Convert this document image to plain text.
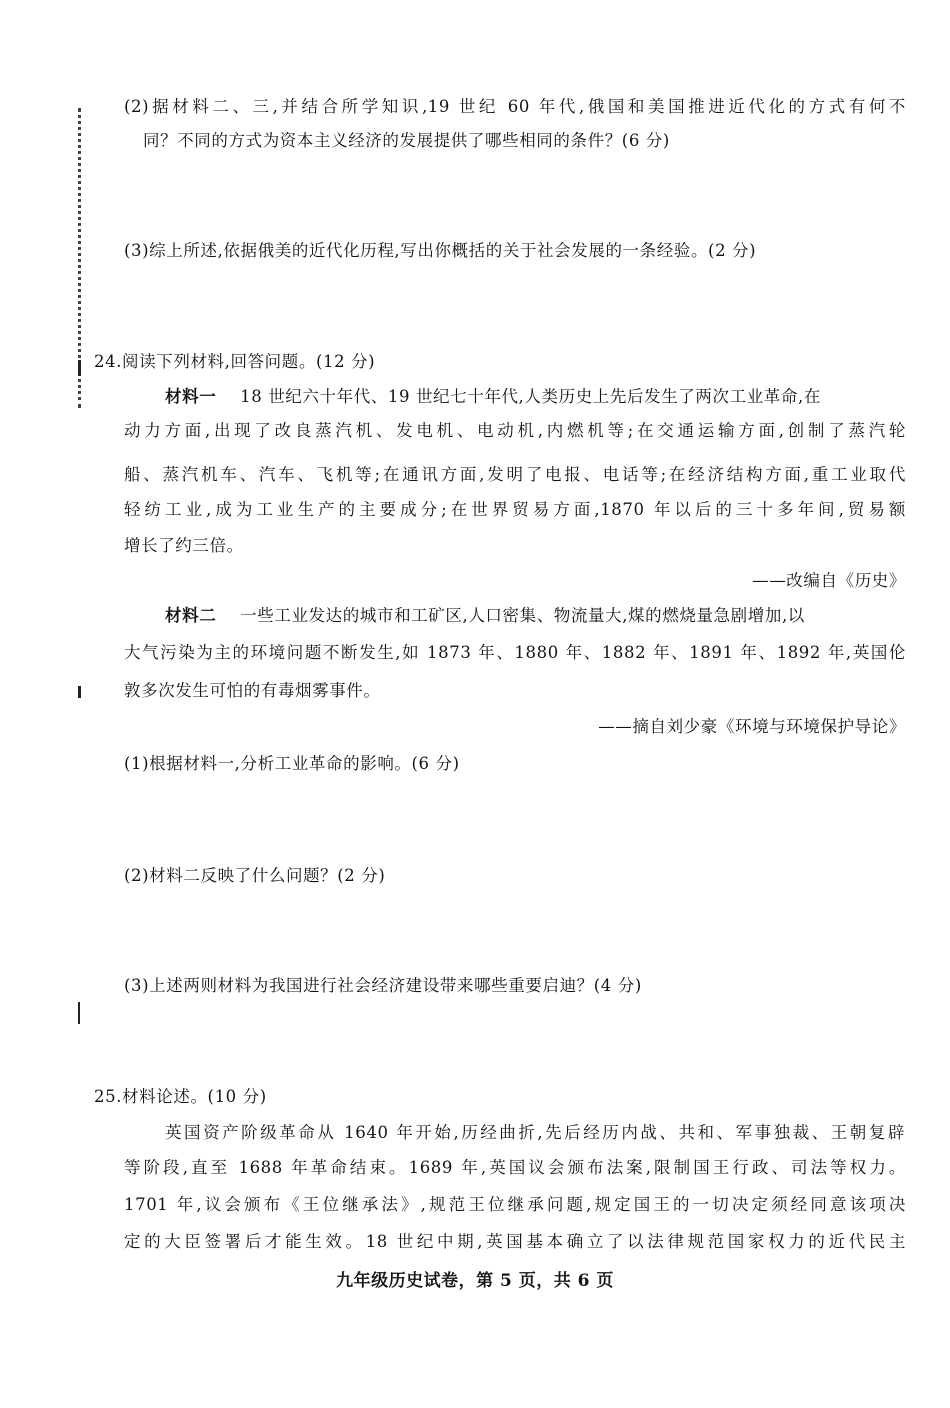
(2)据材料二、三,并结合所学知识,19 世纪 60 年代,俄国和美国推进近代化的方式有何不
同？不同的方式为资本主义经济的发展提供了哪些相同的条件？(6 分)
(3)综上所述,依据俄美的近代化历程,写出你概括的关于社会发展的一条经验。(2 分)
24.阅读下列材料,回答问题。(12 分)
材料一 18 世纪六十年代、19 世纪七十年代,人类历史上先后发生了两次工业革命,在
动力方面,出现了改良蒸汽机、发电机、电动机,内燃机等;在交通运输方面,创制了蒸汽轮
船、蒸汽机车、汽车、飞机等;在通讯方面,发明了电报、电话等;在经济结构方面,重工业取代
轻纺工业,成为工业生产的主要成分;在世界贸易方面,1870 年以后的三十多年间,贸易额
增长了约三倍。
——改编自《历史》
材料二 一些工业发达的城市和工矿区,人口密集、物流量大,煤的燃烧量急剧增加,以
大气污染为主的环境问题不断发生,如 1873 年、1880 年、1882 年、1891 年、1892 年,英国伦
敦多次发生可怕的有毒烟雾事件。
——摘自刘少豪《环境与环境保护导论》
(1)根据材料一,分析工业革命的影响。(6 分)
(2)材料二反映了什么问题？(2 分)
(3)上述两则材料为我国进行社会经济建设带来哪些重要启迪？(4 分)
25.材料论述。(10 分)
英国资产阶级革命从 1640 年开始,历经曲折,先后经历内战、共和、军事独裁、王朝复辟
等阶段,直至 1688 年革命结束。1689 年,英国议会颁布法案,限制国王行政、司法等权力。
1701 年,议会颁布《王位继承法》,规范王位继承问题,规定国王的一切决定须经同意该项决
定的大臣签署后才能生效。18 世纪中期,英国基本确立了以法律规范国家权力的近代民主
九年级历史试卷，第 5 页，共 6 页
